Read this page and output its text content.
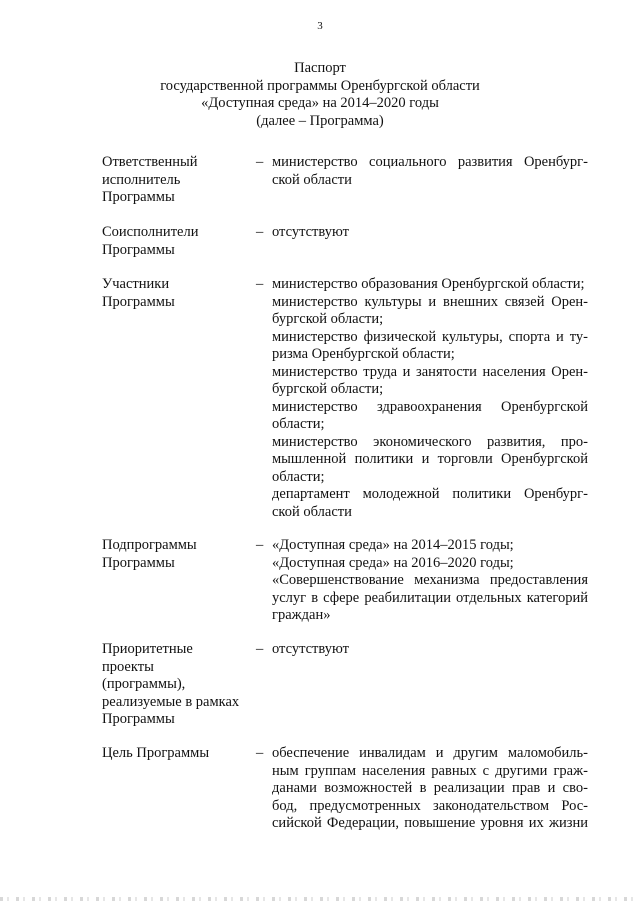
3
Паспорт
государственной программы Оренбургской области
«Доступная среда» на 2014–2020 годы
(далее – Программа)
Ответственный
исполнитель
Программы
– министерство социального развития Оренбург-
ской области
Соисполнители
Программы
– отсутствуют
Участники
Программы
– министерство образования Оренбургской области;
министерство культуры и внешних связей Орен-
бургской области;
министерство физической культуры, спорта и ту-
ризма Оренбургской области;
министерство труда и занятости населения Орен-
бургской области;
министерство здравоохранения Оренбургской
области;
министерство экономического развития, про-
мышленной политики и торговли Оренбургской
области;
департамент молодежной политики Оренбург-
ской области
Подпрограммы
Программы
– «Доступная среда» на 2014–2015 годы;
«Доступная среда» на 2016–2020 годы;
«Совершенствование механизма предоставления
услуг в сфере реабилитации отдельных категорий
граждан»
Приоритетные
проекты
(программы),
реализуемые в рамках
Программы
– отсутствуют
Цель Программы	– обеспечение инвалидам и другим маломобиль-
ным группам населения равных с другими граж-
данами возможностей в реализации прав и сво-
бод, предусмотренных законодательством Рос-
сийской Федерации, повышение уровня их жизни
